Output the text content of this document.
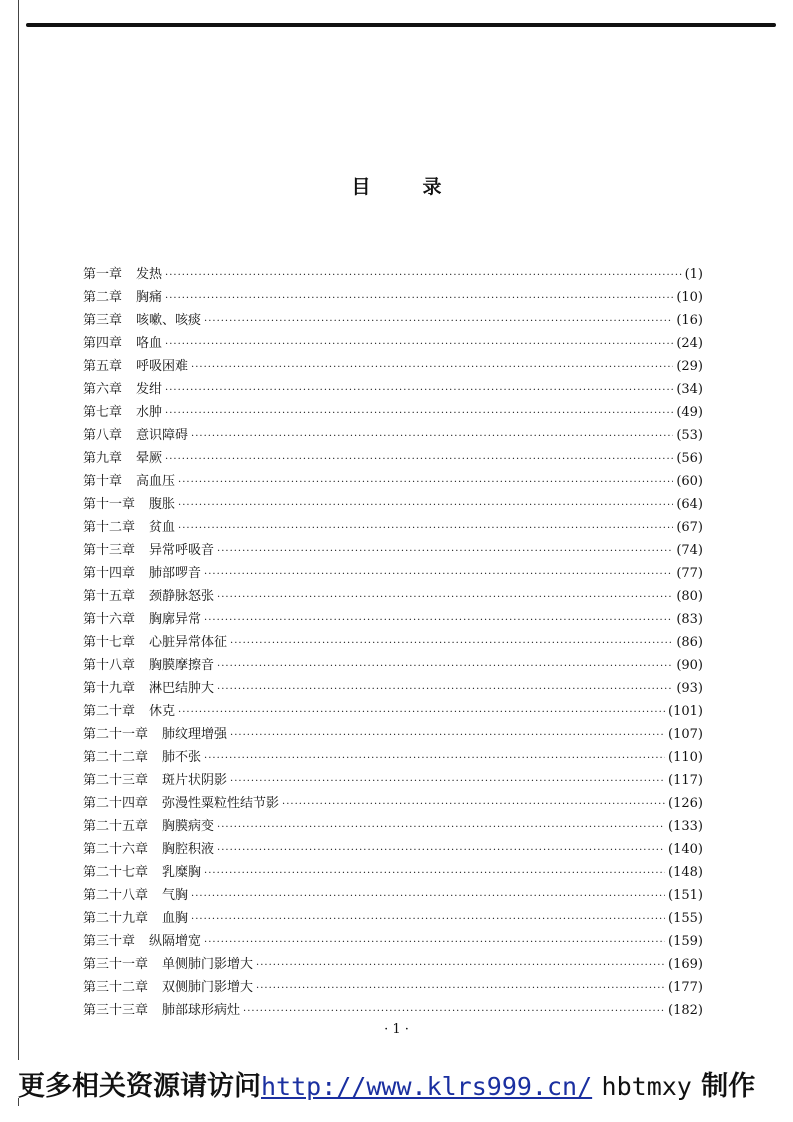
目录
第一章 发热 ·····	(1)
第二章 胸痛 ·····	(10)
第三章 咳嗽、咳痰 ·····	(16)
第四章 咯血 ·····	(24)
第五章 呼吸困难 ·····	(29)
第六章 发绀 ·····	(34)
第七章 水肿 ·····	(49)
第八章 意识障碍 ·····	(53)
第九章 晕厥 ·····	(56)
第十章 高血压 ·····	(60)
第十一章 腹胀 ·····	(64)
第十二章 贫血 ·····	(67)
第十三章 异常呼吸音 ·····	(74)
第十四章 肺部啰音 ·····	(77)
第十五章 颈静脉怒张 ·····	(80)
第十六章 胸廓异常 ·····	(83)
第十七章 心脏异常体征 ·····	(86)
第十八章 胸膜摩擦音 ·····	(90)
第十九章 淋巴结肿大 ·····	(93)
第二十章 休克 ·····	(101)
第二十一章 肺纹理增强 ·····	(107)
第二十二章 肺不张 ·····	(110)
第二十三章 斑片状阴影 ·····	(117)
第二十四章 弥漫性粟粒性结节影 ·····	(126)
第二十五章 胸膜病变 ·····	(133)
第二十六章 胸腔积液 ·····	(140)
第二十七章 乳糜胸 ·····	(148)
第二十八章 气胸 ·····	(151)
第二十九章 血胸 ·····	(155)
第三十章 纵隔增宽 ·····	(159)
第三十一章 单侧肺门影增大 ·····	(169)
第三十二章 双侧肺门影增大 ·····	(177)
第三十三章 肺部球形病灶 ·····	(182)
· 1 ·
更多相关资源请访问http://www.klrs999.cn/ hbtmxy 制作
